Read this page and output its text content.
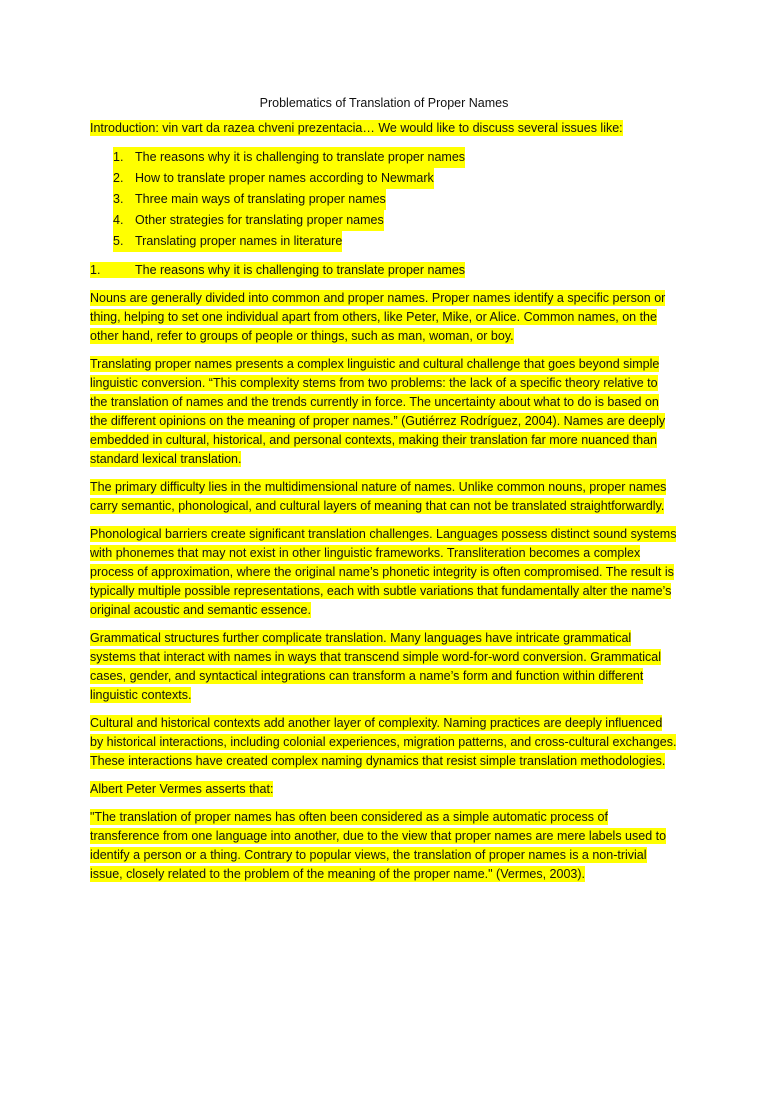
Problematics of Translation of Proper Names

Introduction: vin vart da razea chveni prezentacia… We would like to discuss several issues like:

1. The reasons why it is challenging to translate proper names
2. How to translate proper names according to Newmark
3. Three main ways of translating proper names
4. Other strategies for translating proper names
5. Translating proper names in literature

1.	The reasons why it is challenging to translate proper names

Nouns are generally divided into common and proper names. Proper names identify a specific person or thing, helping to set one individual apart from others, like Peter, Mike, or Alice. Common names, on the other hand, refer to groups of people or things, such as man, woman, or boy.

Translating proper names presents a complex linguistic and cultural challenge that goes beyond simple linguistic conversion. “This complexity stems from two problems: the lack of a specific theory relative to the translation of names and the trends currently in force. The uncertainty about what to do is based on the different opinions on the meaning of proper names.” (Gutiérrez Rodríguez, 2004). Names are deeply embedded in cultural, historical, and personal contexts, making their translation far more nuanced than standard lexical translation.

The primary difficulty lies in the multidimensional nature of names. Unlike common nouns, proper names carry semantic, phonological, and cultural layers of meaning that can not be translated straightforwardly.

Phonological barriers create significant translation challenges. Languages possess distinct sound systems with phonemes that may not exist in other linguistic frameworks. Transliteration becomes a complex process of approximation, where the original name’s phonetic integrity is often compromised. The result is typically multiple possible representations, each with subtle variations that fundamentally alter the name’s original acoustic and semantic essence.

Grammatical structures further complicate translation. Many languages have intricate grammatical systems that interact with names in ways that transcend simple word-for-word conversion. Grammatical cases, gender, and syntactical integrations can transform a name’s form and function within different linguistic contexts.

Cultural and historical contexts add another layer of complexity. Naming practices are deeply influenced by historical interactions, including colonial experiences, migration patterns, and cross-cultural exchanges. These interactions have created complex naming dynamics that resist simple translation methodologies.

Albert Peter Vermes asserts that:

"The translation of proper names has often been considered as a simple automatic process of transference from one language into another, due to the view that proper names are mere labels used to identify a person or a thing. Contrary to popular views, the translation of proper names is a non-trivial issue, closely related to the problem of the meaning of the proper name." (Vermes, 2003).
